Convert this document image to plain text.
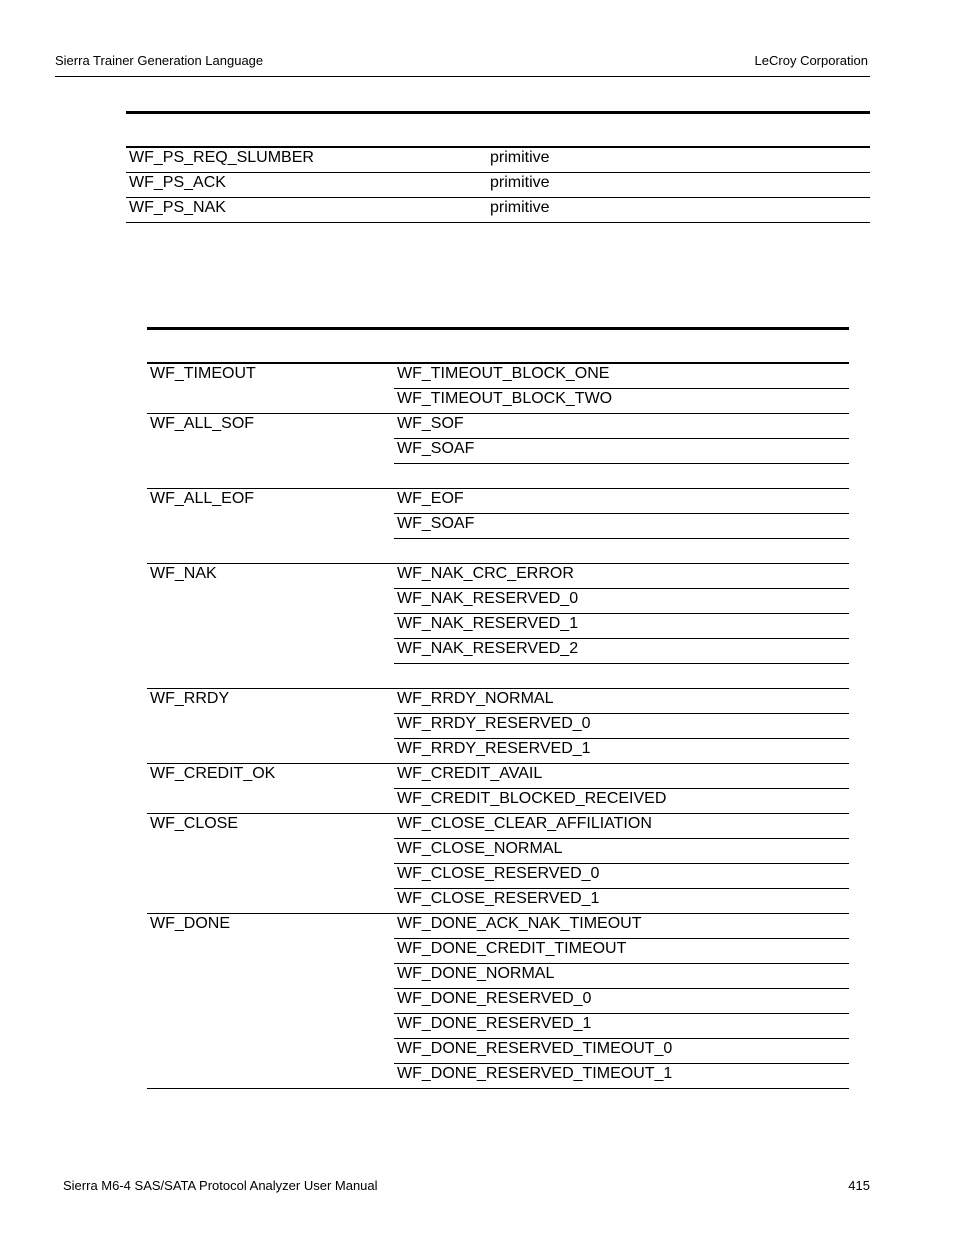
Sierra Trainer Generation Language	LeCroy Corporation
WF_PS_REQ_SLUMBER	primitive
WF_PS_ACK	primitive
WF_PS_NAK	primitive
WF_TIMEOUT	WF_TIMEOUT_BLOCK_ONE
WF_TIMEOUT_BLOCK_TWO
WF_ALL_SOF	WF_SOF
WF_SOAF
WF_ALL_EOF	WF_EOF
WF_SOAF
WF_NAK	WF_NAK_CRC_ERROR
WF_NAK_RESERVED_0
WF_NAK_RESERVED_1
WF_NAK_RESERVED_2
WF_RRDY	WF_RRDY_NORMAL
WF_RRDY_RESERVED_0
WF_RRDY_RESERVED_1
WF_CREDIT_OK	WF_CREDIT_AVAIL
WF_CREDIT_BLOCKED_RECEIVED
WF_CLOSE	WF_CLOSE_CLEAR_AFFILIATION
WF_CLOSE_NORMAL
WF_CLOSE_RESERVED_0
WF_CLOSE_RESERVED_1
WF_DONE	WF_DONE_ACK_NAK_TIMEOUT
WF_DONE_CREDIT_TIMEOUT
WF_DONE_NORMAL
WF_DONE_RESERVED_0
WF_DONE_RESERVED_1
WF_DONE_RESERVED_TIMEOUT_0
WF_DONE_RESERVED_TIMEOUT_1
Sierra M6-4 SAS/SATA Protocol Analyzer User Manual	415
